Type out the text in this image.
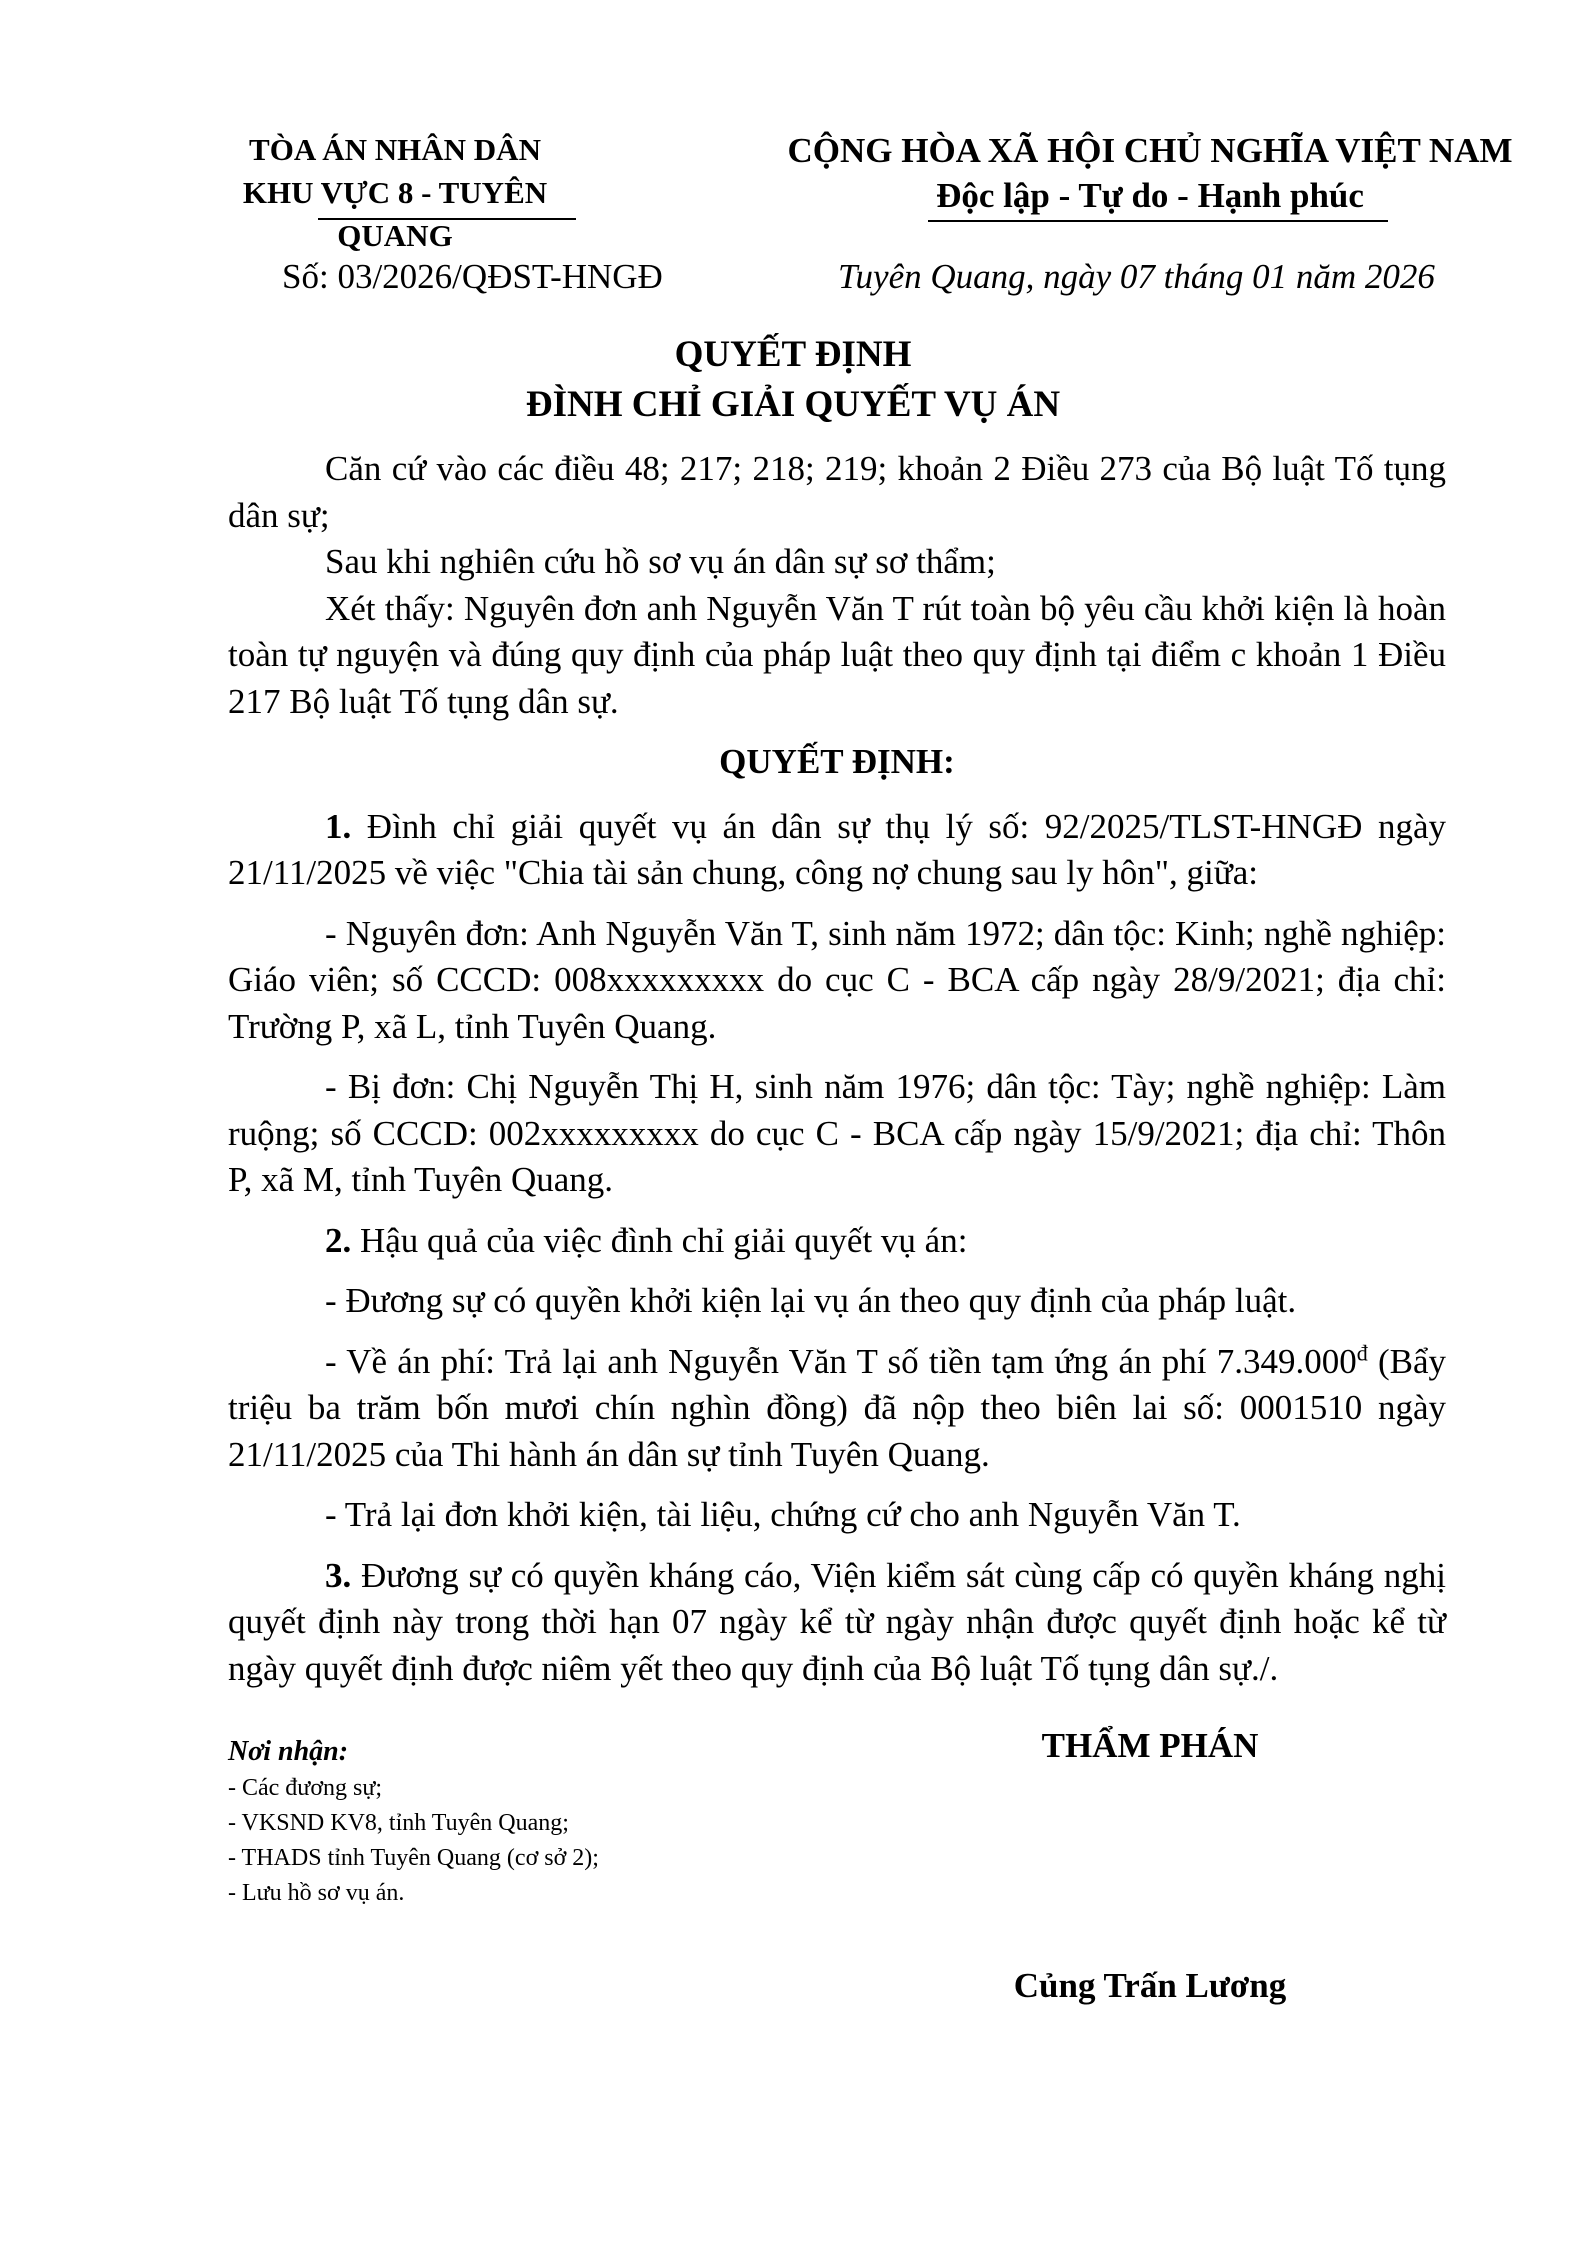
TÒA ÁN NHÂN DÂN
KHU VỰC 8 - TUYÊN QUANG
CỘNG HÒA XÃ HỘI CHỦ NGHĨA VIỆT NAM
Độc lập - Tự do - Hạnh phúc
Số: 03/2026/QĐST-HNGĐ	Tuyên Quang, ngày 07 tháng 01 năm 2026
QUYẾT ĐỊNH
ĐÌNH CHỈ GIẢI QUYẾT VỤ ÁN

Căn cứ vào các điều 48; 217; 218; 219; khoản 2 Điều 273 của Bộ luật Tố tụng dân sự;

Sau khi nghiên cứu hồ sơ vụ án dân sự sơ thẩm;

Xét thấy: Nguyên đơn anh Nguyễn Văn T rút toàn bộ yêu cầu khởi kiện là hoàn toàn tự nguyện và đúng quy định của pháp luật theo quy định tại điểm c khoản 1 Điều 217 Bộ luật Tố tụng dân sự.

QUYẾT ĐỊNH:

1. Đình chỉ giải quyết vụ án dân sự thụ lý số: 92/2025/TLST-HNGĐ ngày 21/11/2025 về việc "Chia tài sản chung, công nợ chung sau ly hôn", giữa:

- Nguyên đơn: Anh Nguyễn Văn T, sinh năm 1972; dân tộc: Kinh; nghề nghiệp: Giáo viên; số CCCD: 008xxxxxxxxx do cục C - BCA cấp ngày 28/9/2021; địa chỉ: Trường P, xã L, tỉnh Tuyên Quang.

- Bị đơn: Chị Nguyễn Thị H, sinh năm 1976; dân tộc: Tày; nghề nghiệp: Làm ruộng; số CCCD: 002xxxxxxxxx do cục C - BCA cấp ngày 15/9/2021; địa chỉ: Thôn P, xã M, tỉnh Tuyên Quang.

2. Hậu quả của việc đình chỉ giải quyết vụ án:

- Đương sự có quyền khởi kiện lại vụ án theo quy định của pháp luật.

- Về án phí: Trả lại anh Nguyễn Văn T số tiền tạm ứng án phí $7.349.000^đ$ (Bẩy triệu ba trăm bốn mươi chín nghìn đồng) đã nộp theo biên lai số: 0001510 ngày 21/11/2025 của Thi hành án dân sự tỉnh Tuyên Quang.

- Trả lại đơn khởi kiện, tài liệu, chứng cứ cho anh Nguyễn Văn T.

3. Đương sự có quyền kháng cáo, Viện kiểm sát cùng cấp có quyền kháng nghị quyết định này trong thời hạn 07 ngày kể từ ngày nhận được quyết định hoặc kể từ ngày quyết định được niêm yết theo quy định của Bộ luật Tố tụng dân sự./.

Nơi nhận:
- Các đương sự;
- VKSND KV8, tỉnh Tuyên Quang;
- THADS tỉnh Tuyên Quang (cơ sở 2);
- Lưu hồ sơ vụ án.
THẨM PHÁN
Củng Trấn Lương
